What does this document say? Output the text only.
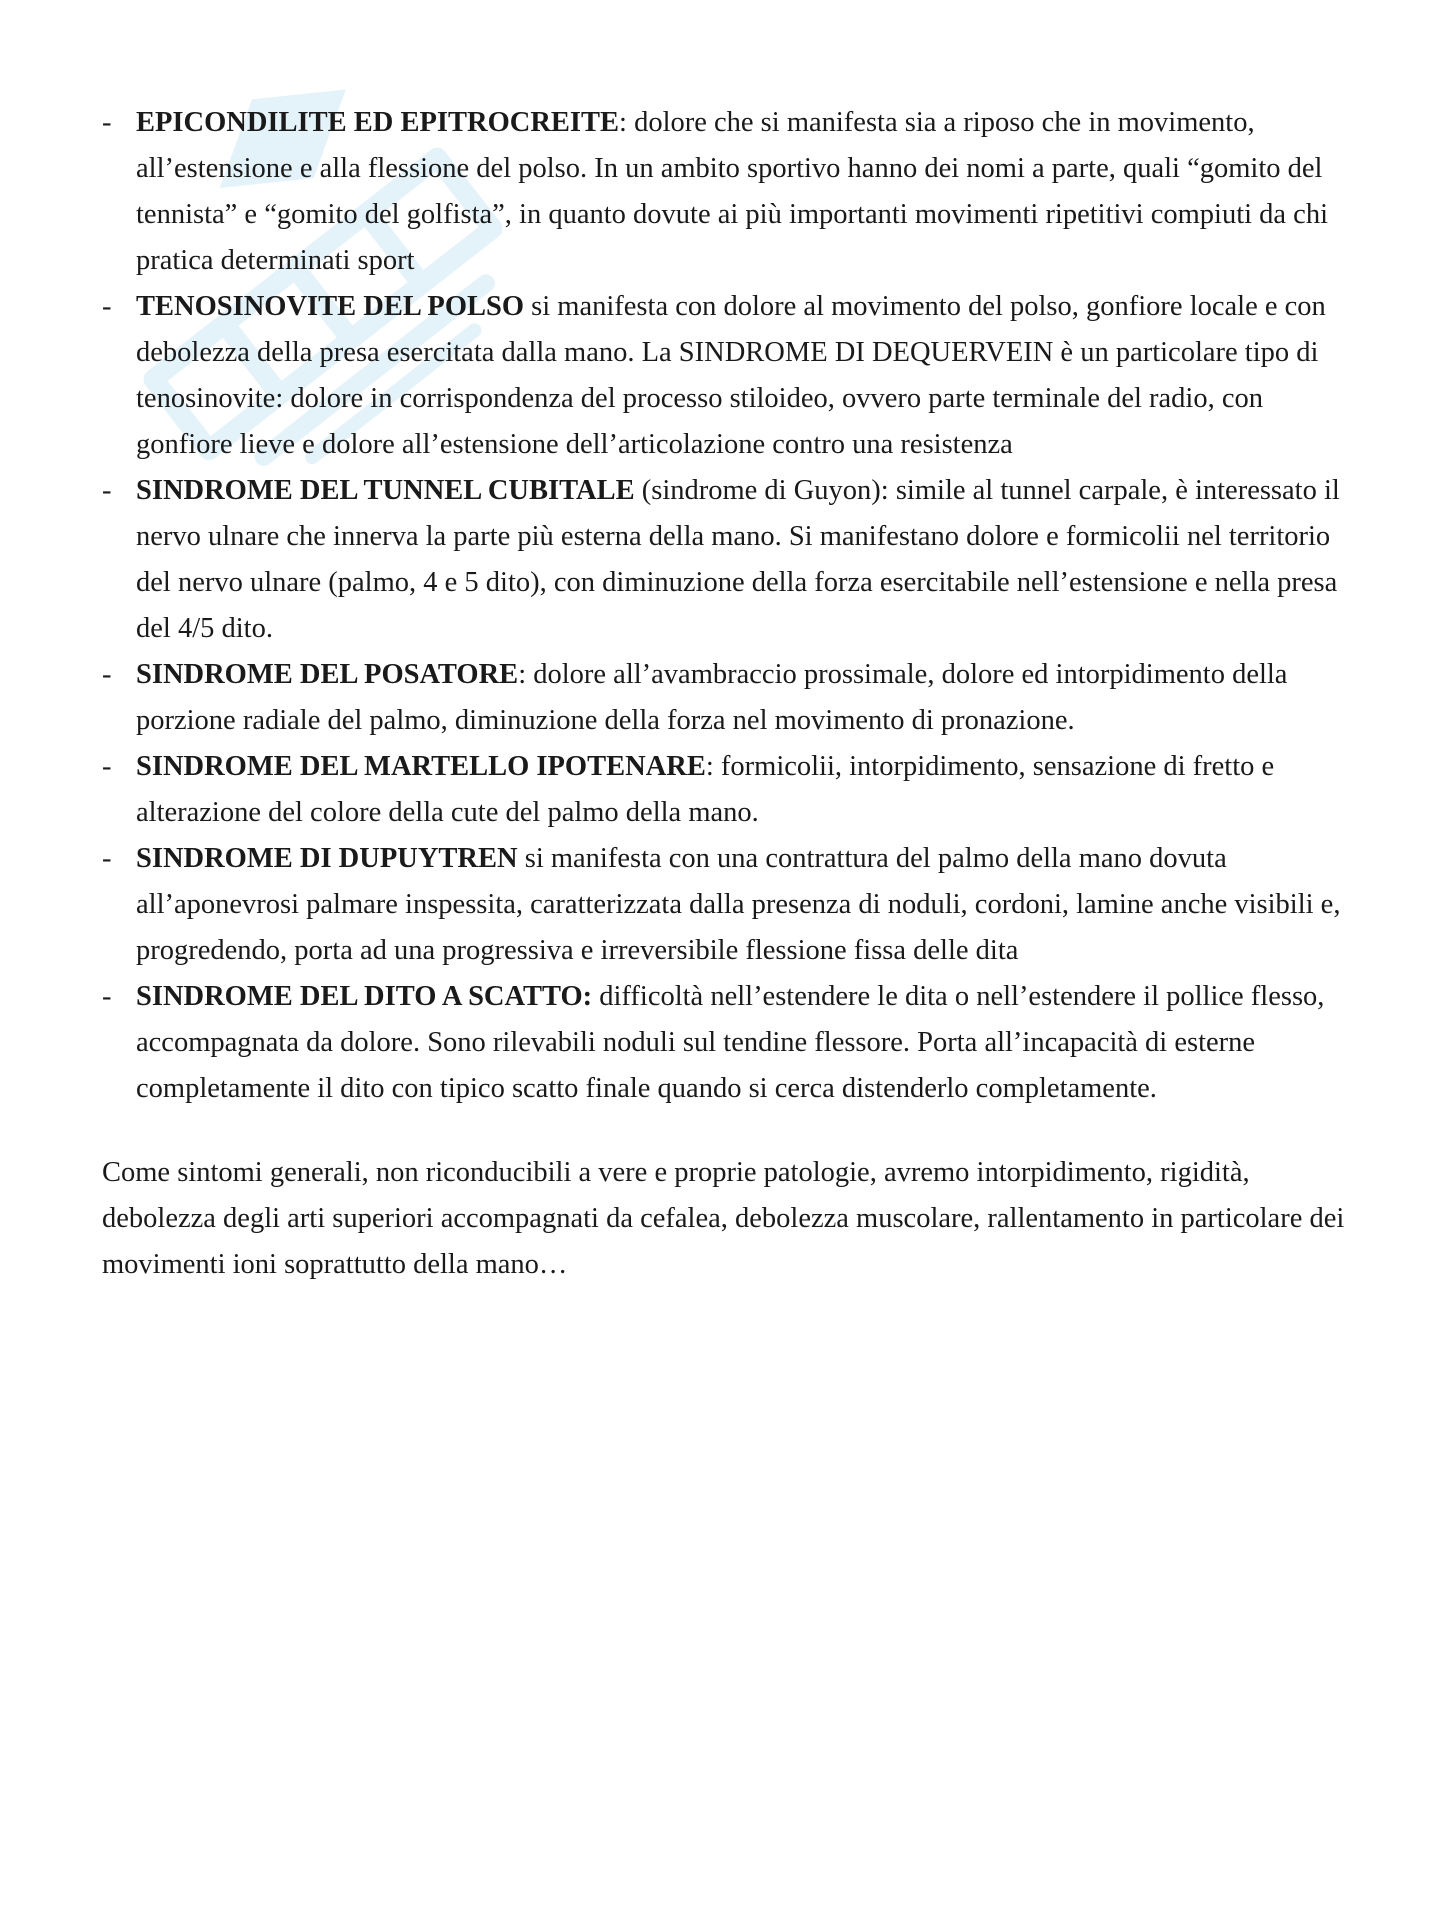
- EPICONDILITE ED EPITROCREITE: dolore che si manifesta sia a riposo che in movimento, all’estensione e alla flessione del polso. In un ambito sportivo hanno dei nomi a parte, quali “gomito del tennista” e “gomito del golfista”, in quanto dovute ai più importanti movimenti ripetitivi compiuti da chi pratica determinati sport
- TENOSINOVITE DEL POLSO si manifesta con dolore al movimento del polso, gonfiore locale e con debolezza della presa esercitata dalla mano. La SINDROME DI DEQUERVEIN è un particolare tipo di tenosinovite: dolore in corrispondenza del processo stiloideo, ovvero parte terminale del radio, con gonfiore lieve e dolore all’estensione dell’articolazione contro una resistenza
- SINDROME DEL TUNNEL CUBITALE (sindrome di Guyon): simile al tunnel carpale, è interessato il nervo ulnare che innerva la parte più esterna della mano. Si manifestano dolore e formicolii nel territorio del nervo ulnare (palmo, 4 e 5 dito), con diminuzione della forza esercitabile nell’estensione e nella presa del 4/5 dito.
- SINDROME DEL POSATORE: dolore all’avambraccio prossimale, dolore ed intorpidimento della porzione radiale del palmo, diminuzione della forza nel movimento di pronazione.
- SINDROME DEL MARTELLO IPOTENARE: formicolii, intorpidimento, sensazione di fretto e alterazione del colore della cute del palmo della mano.
- SINDROME DI DUPUYTREN si manifesta con una contrattura del palmo della mano dovuta all’aponevrosi palmare inspessita, caratterizzata dalla presenza di noduli, cordoni, lamine anche visibili e, progredendo, porta ad una progressiva e irreversibile flessione fissa delle dita
- SINDROME DEL DITO A SCATTO: difficoltà nell’estendere le dita o nell’estendere il pollice flesso, accompagnata da dolore. Sono rilevabili noduli sul tendine flessore. Porta all’incapacità di esterne completamente il dito con tipico scatto finale quando si cerca distenderlo completamente.

Come sintomi generali, non riconducibili a vere e proprie patologie, avremo intorpidimento, rigidità, debolezza degli arti superiori accompagnati da cefalea, debolezza muscolare, rallentamento in particolare dei movimenti ioni soprattutto della mano…
